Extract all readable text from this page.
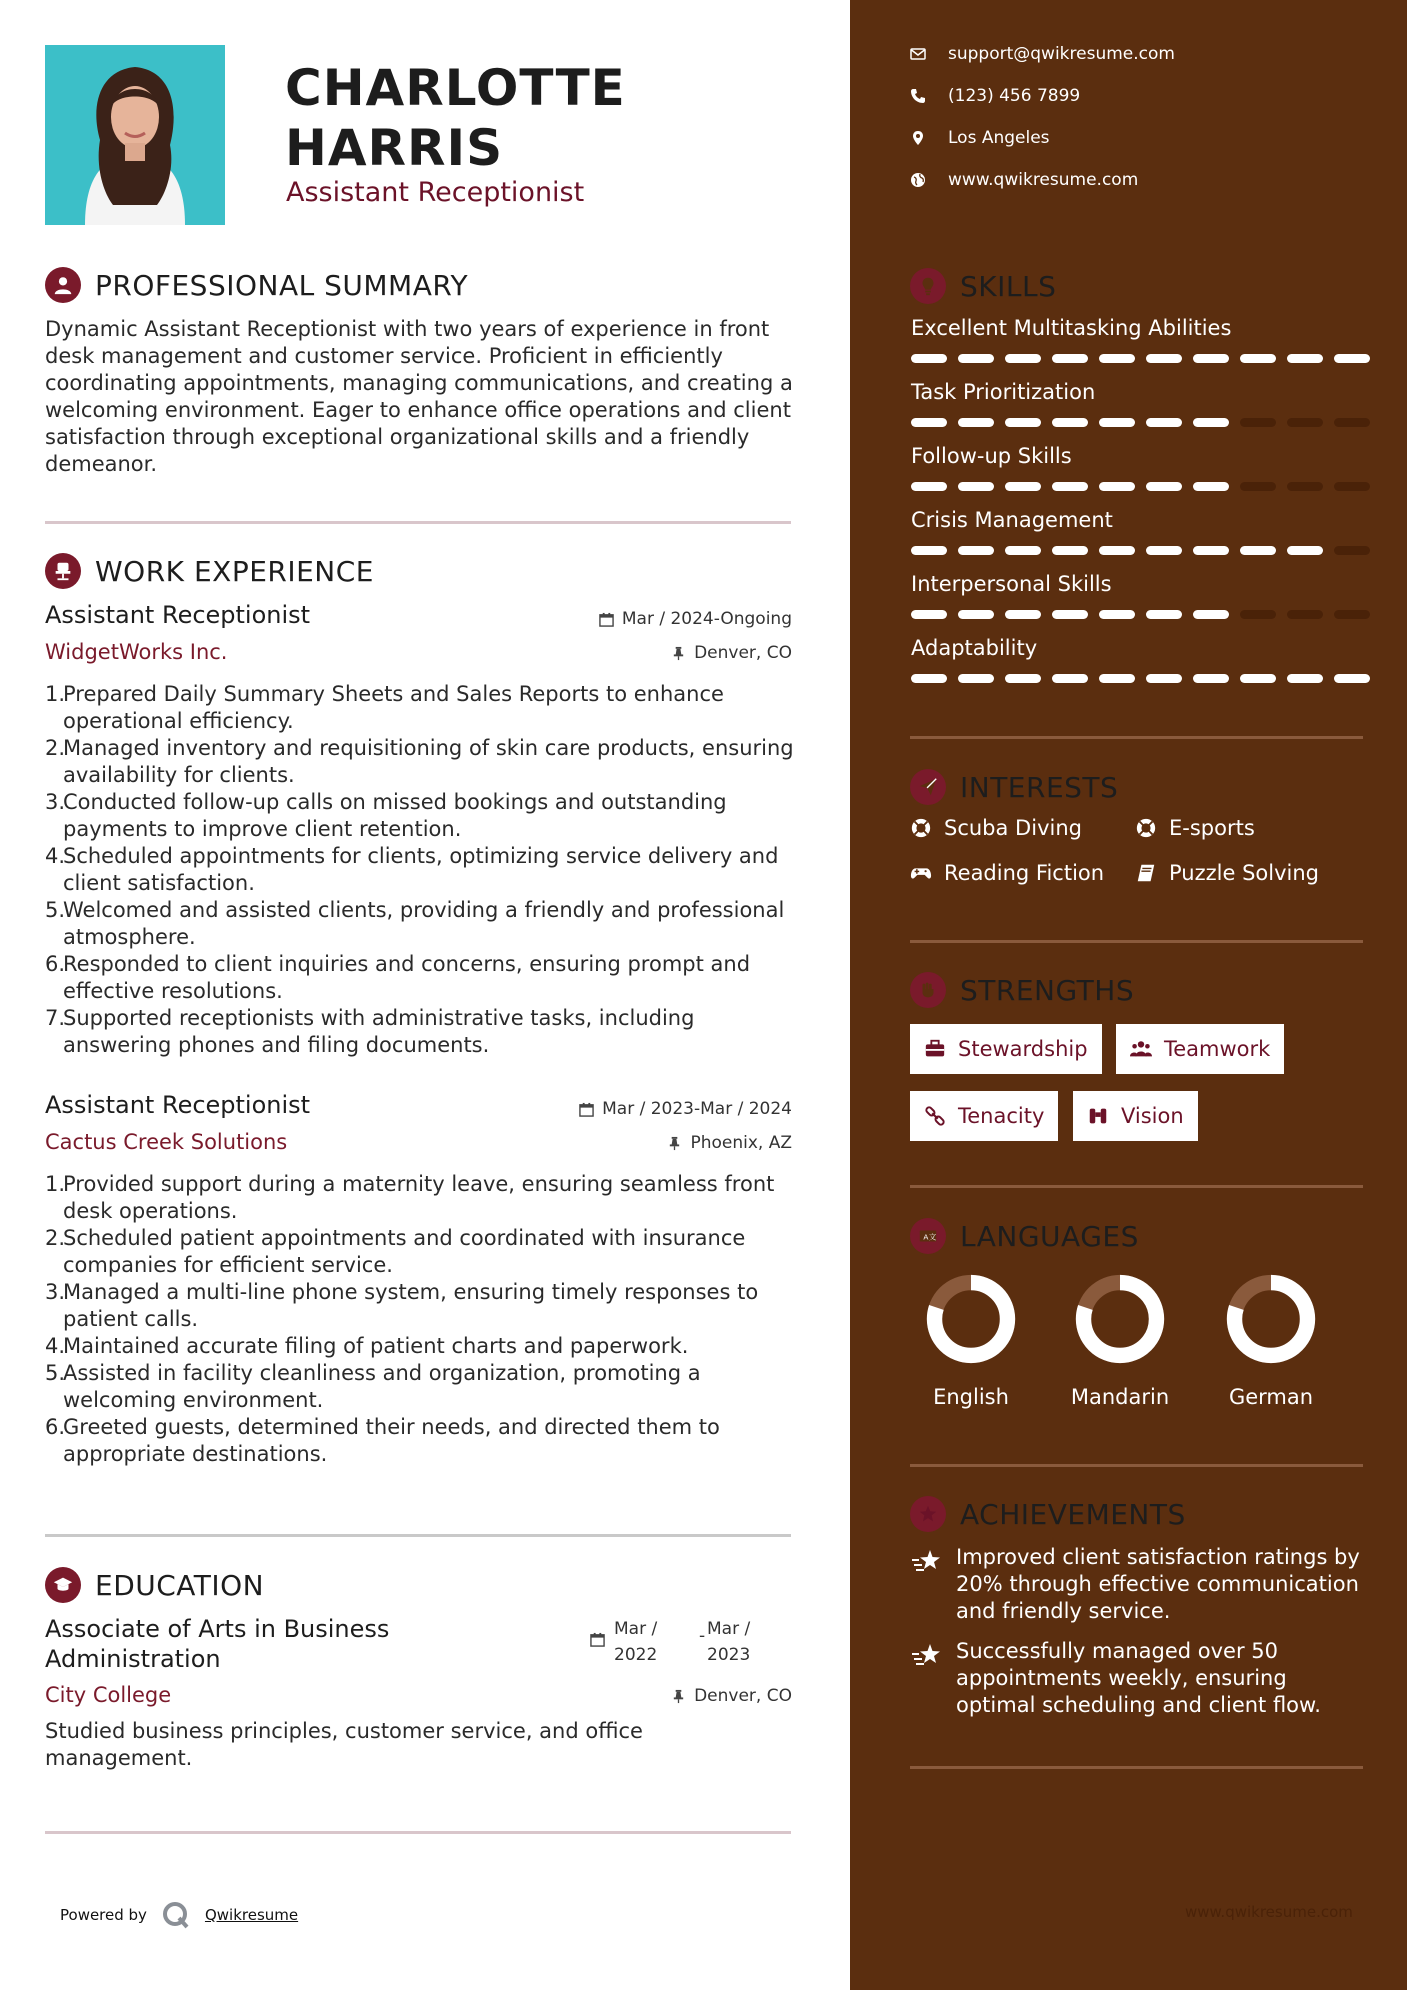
CHARLOTTE
HARRIS
Assistant Receptionist
PROFESSIONAL SUMMARY
Dynamic Assistant Receptionist with two years of experience in front desk management and customer service. Proficient in efficiently coordinating appointments, managing communications, and creating a welcoming environment. Eager to enhance office operations and client satisfaction through exceptional organizational skills and a friendly demeanor.
WORK EXPERIENCE
Assistant Receptionist	Mar / 2024-Ongoing
WidgetWorks Inc.	Denver, CO
1.
Prepared Daily Summary Sheets and Sales Reports to enhance operational efficiency.
2.
Managed inventory and requisitioning of skin care products, ensuring availability for clients.
3.
Conducted follow-up calls on missed bookings and outstanding payments to improve client retention.
4.
Scheduled appointments for clients, optimizing service delivery and client satisfaction.
5.
Welcomed and assisted clients, providing a friendly and professional atmosphere.
6.
Responded to client inquiries and concerns, ensuring prompt and effective resolutions.
7.
Supported receptionists with administrative tasks, including answering phones and filing documents.
Assistant Receptionist	Mar / 2023-Mar / 2024
Cactus Creek Solutions	Phoenix, AZ
1.
Provided support during a maternity leave, ensuring seamless front desk operations.
2.
Scheduled patient appointments and coordinated with insurance companies for efficient service.
3.
Managed a multi-line phone system, ensuring timely responses to patient calls.
4.
Maintained accurate filing of patient charts and paperwork.
5.
Assisted in facility cleanliness and organization, promoting a welcoming environment.
6.
Greeted guests, determined their needs, and directed them to appropriate destinations.
EDUCATION
Associate of Arts in Business
Administration
Mar /
2022
- Mar /
2023
City College	Denver, CO
Studied business principles, customer service, and office management.
Powered by	Qwikresume
support@qwikresume.com
(123) 456 7899
Los Angeles
www.qwikresume.com
SKILLS
Excellent Multitasking Abilities
Task Prioritization
Follow-up Skills
Crisis Management
Interpersonal Skills
Adaptability
INTERESTS
Scuba Diving	E-sports
Reading Fiction	Puzzle Solving
STRENGTHS
Stewardship	Teamwork
Tenacity	Vision
A 文 LANGUAGES
English	Mandarin	German
ACHIEVEMENTS
Improved client satisfaction ratings by 20% through effective communication and friendly service.
Successfully managed over 50 appointments weekly, ensuring optimal scheduling and client flow.
www.qwikresume.com
